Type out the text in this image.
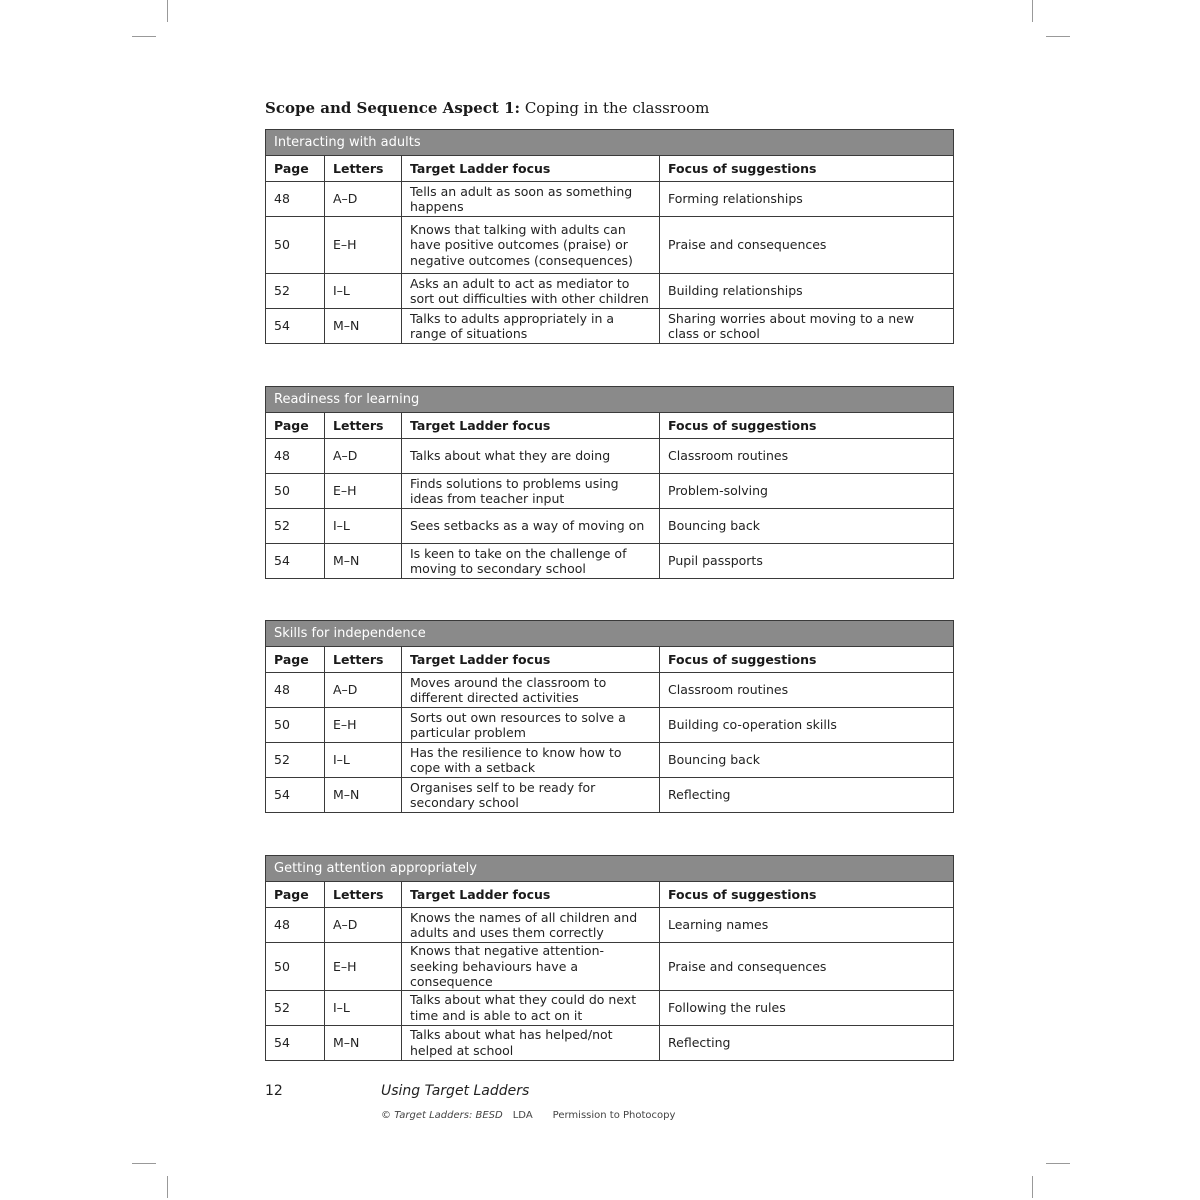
Scope and Sequence Aspect 1: Coping in the classroom
Interacting with adults			
Page	Letters	Target Ladder focus	Focus of suggestions
48	A–D	Tells an adult as soon as something happens	Forming relationships
50	E–H	Knows that talking with adults can have positive outcomes (praise) or negative outcomes (consequences)	Praise and consequences
52	I–L	Asks an adult to act as mediator to sort out difficulties with other children	Building relationships
54	M–N	Talks to adults appropriately in a range of situations	Sharing worries about moving to a new class or school
Readiness for learning			
Page	Letters	Target Ladder focus	Focus of suggestions
48	A–D	Talks about what they are doing	Classroom routines
50	E–H	Finds solutions to problems using ideas from teacher input	Problem-solving
52	I–L	Sees setbacks as a way of moving on	Bouncing back
54	M–N	Is keen to take on the challenge of moving to secondary school	Pupil passports
Skills for independence			
Page	Letters	Target Ladder focus	Focus of suggestions
48	A–D	Moves around the classroom to different directed activities	Classroom routines
50	E–H	Sorts out own resources to solve a particular problem	Building co-operation skills
52	I–L	Has the resilience to know how to cope with a setback	Bouncing back
54	M–N	Organises self to be ready for secondary school	Reflecting
Getting attention appropriately			
Page	Letters	Target Ladder focus	Focus of suggestions
48	A–D	Knows the names of all children and adults and uses them correctly	Learning names
50	E–H	Knows that negative attention-seeking behaviours have a consequence	Praise and consequences
52	I–L	Talks about what they could do next time and is able to act on it	Following the rules
54	M–N	Talks about what has helped/not helped at school	Reflecting
12	Using Target Ladders
© Target Ladders: BESD LDA Permission to Photocopy
